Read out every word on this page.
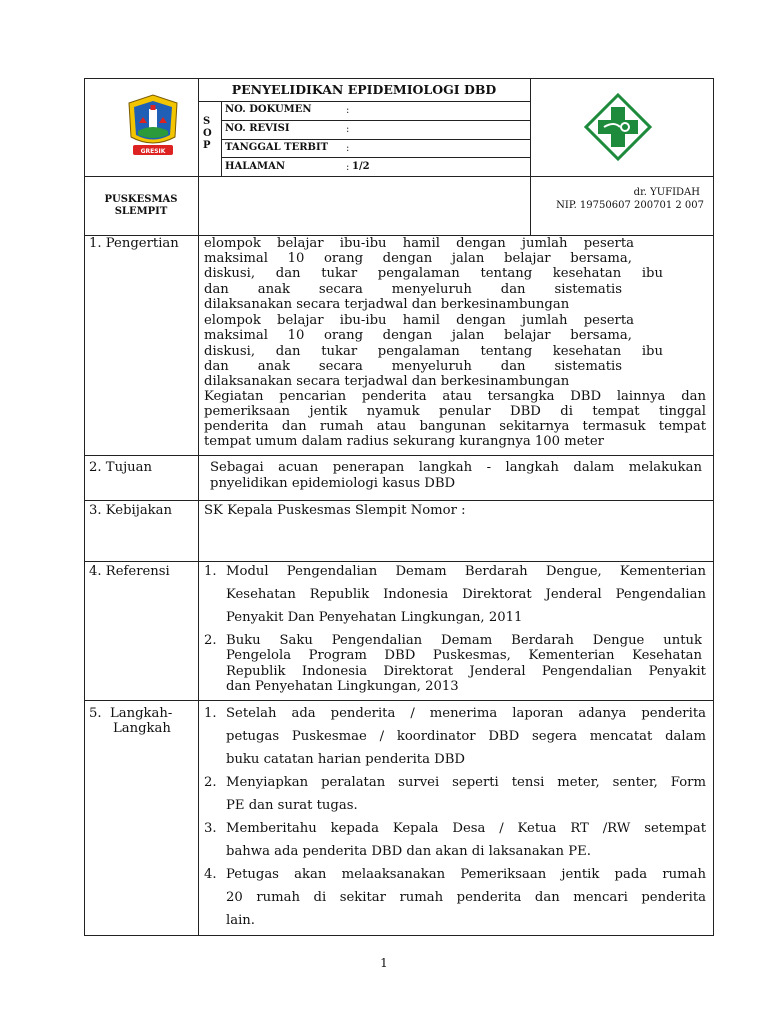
GRESIK
PENYELIDIKAN EPIDEMIOLOGI DBD
S
O
P
NO. DOKUMEN	:
NO. REVISI	:
TANGGAL TERBIT :
HALAMAN	: 1/2
PUSKESMAS
SLEMPIT
dr. YUFIDAH
NIP. 19750607 200701 2 007
1. Pengertian elompok belajar ibu-ibu hamil dengan jumlah peserta
maksimal 10 orang dengan jalan belajar bersama,
diskusi, dan tukar pengalaman tentang kesehatan ibu
dan anak secara menyeluruh dan sistematis
dilaksanakan secara terjadwal dan berkesinambungan
elompok belajar ibu-ibu hamil dengan jumlah peserta
maksimal 10 orang dengan jalan belajar bersama,
diskusi, dan tukar pengalaman tentang kesehatan ibu
dan anak secara menyeluruh dan sistematis
dilaksanakan secara terjadwal dan berkesinambungan
Kegiatan pencarian penderita atau tersangka DBD lainnya dan
pemeriksaan jentik nyamuk penular DBD di tempat tinggal
penderita dan rumah atau bangunan sekitarnya termasuk tempat
tempat umum dalam radius sekurang kurangnya 100 meter
2. Tujuan	Sebagai acuan penerapan langkah - langkah dalam melakukan
pnyelidikan epidemiologi kasus DBD
3. Kebijakan SK Kepala Puskesmas Slempit Nomor :
4. Referensi	1. Modul Pengendalian Demam Berdarah Dengue, Kementerian
Kesehatan Republik Indonesia Direktorat Jenderal Pengendalian
Penyakit Dan Penyehatan Lingkungan, 2011
2. Buku Saku Pengendalian Demam Berdarah Dengue untuk
Pengelola Program DBD Puskesmas, Kementerian Kesehatan
Republik Indonesia Direktorat Jenderal Pengendalian Penyakit
dan Penyehatan Lingkungan, 2013
5.  Langkah-
Langkah
1. Setelah ada penderita / menerima laporan adanya penderita
petugas Puskesmae / koordinator DBD segera mencatat dalam
buku catatan harian penderita DBD
2. Menyiapkan peralatan survei seperti tensi meter, senter, Form
PE dan surat tugas.
3. Memberitahu kepada Kepala Desa / Ketua RT /RW setempat
bahwa ada penderita DBD dan akan di laksanakan PE.
4. Petugas akan melaaksanakan Pemeriksaan jentik pada rumah
20 rumah di sekitar rumah penderita dan mencari penderita
lain.
1
